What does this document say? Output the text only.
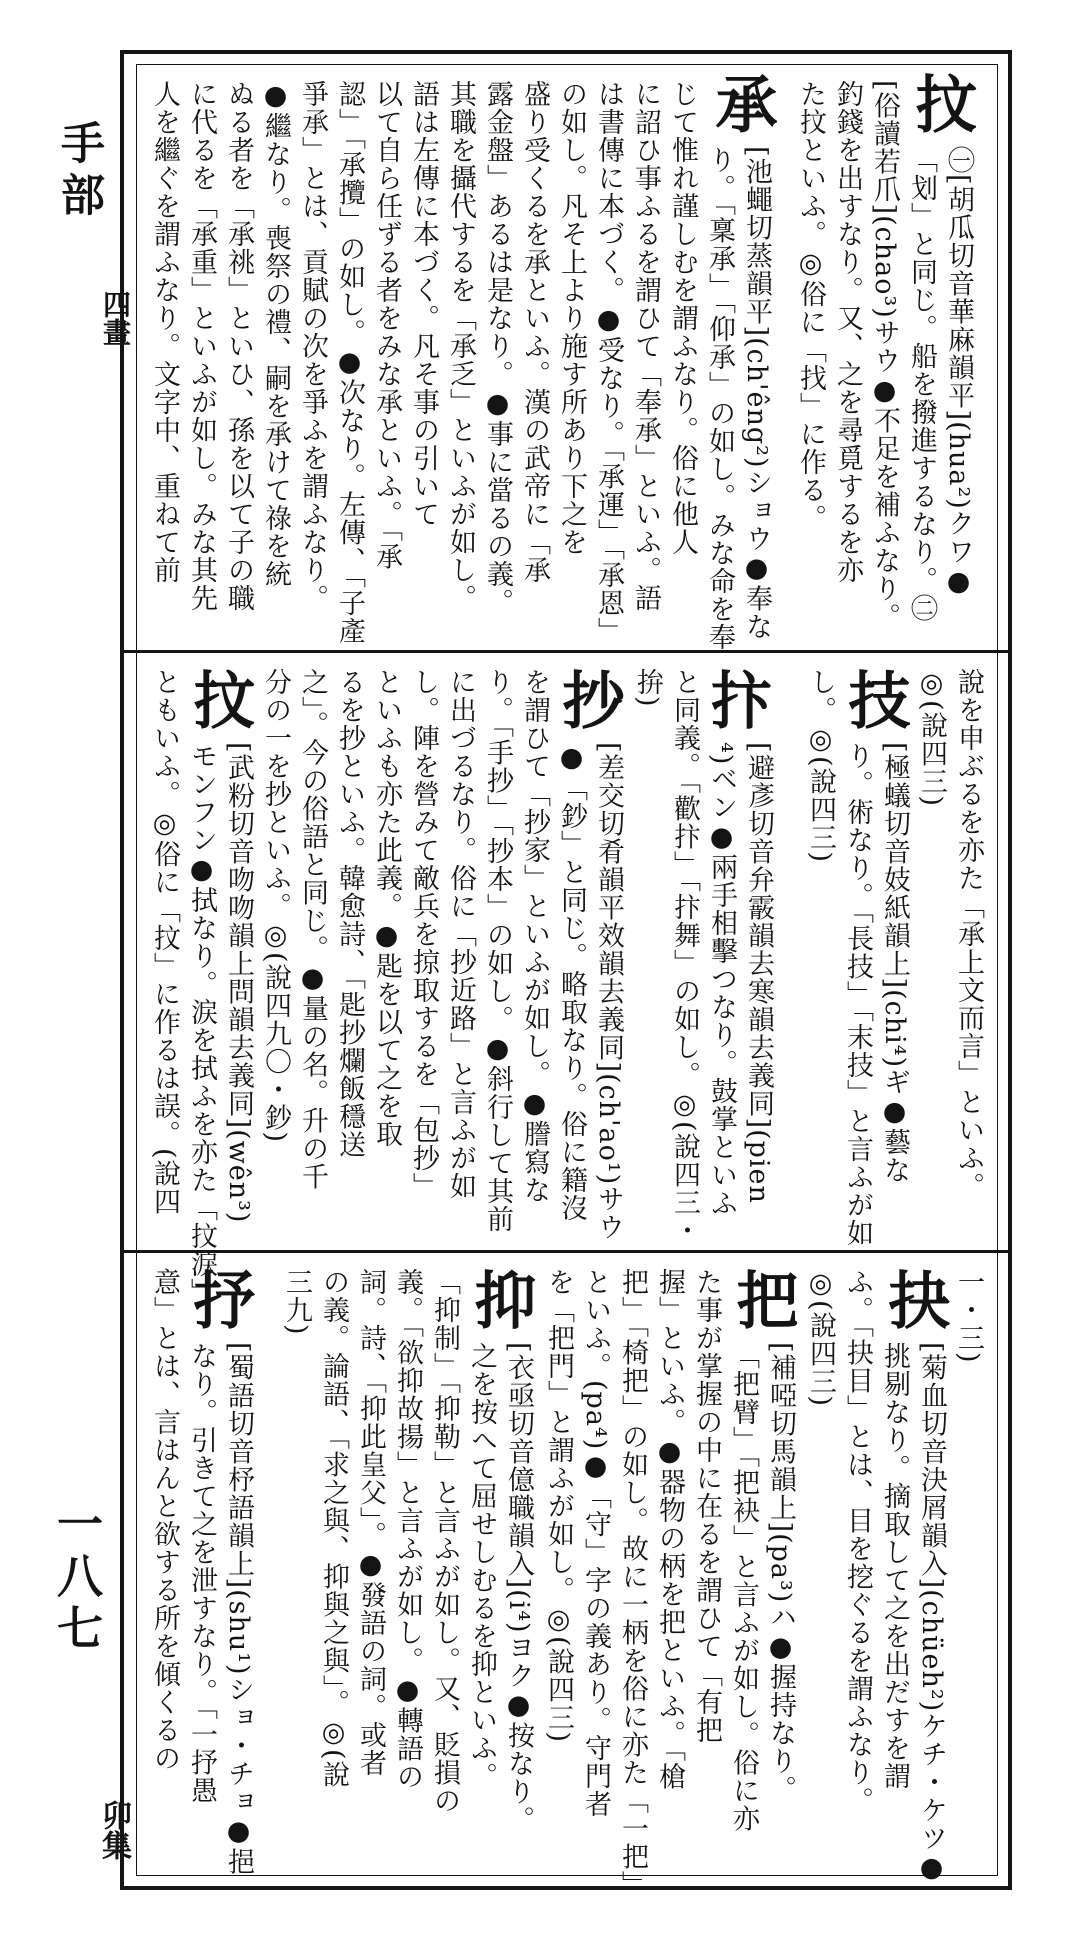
手部
四畫
一八七
卯集
抆
㊀[胡瓜切音華麻韻平](hua²)クワ●
「划」と同じ。船を撥進するなり。㊁
[俗讀若爪](chao³)サウ●不足を補ふなり。
釣錢を出すなり。又、之を尋覓するを亦
た抆といふ。◎俗に「找」に作る。
承
[池蠅切蒸韻平](ch'êng²)ショウ●奉な
り。「稟承」「仰承」の如し。みな命を奉
じて惟れ謹しむを謂ふなり。俗に他人
に詔ひ事ふるを謂ひて「奉承」といふ。語
は書傳に本づく。●受なり。「承運」「承恩」
の如し。凡そ上より施す所あり下之を
盛り受くるを承といふ。漢の武帝に「承
露金盤」あるは是なり。●事に當るの義。
其職を攝代するを「承乏」といふが如し。
語は左傳に本づく。凡そ事の引いて
以て自ら任ずる者をみな承といふ。「承
認」「承攬」の如し。●次なり。左傳、「子產
爭承」とは、貢賦の次を爭ふを謂ふなり。
●繼なり。喪祭の禮、嗣を承けて祿を統
ぬる者を「承祧」といひ、孫を以て子の職
に代るを「承重」といふが如し。みな其先
人を繼ぐを謂ふなり。文字中、重ねて前
說を申ぶるを亦た「承上文而言」といふ。
◎(說四三)
技
[極蟻切音妓紙韻上](chi⁴)ギ●藝な
り。術なり。「長技」「末技」と言ふが如
し。◎(說四三)
抃
[避彥切音弁霰韻去寒韻去義同](pien
⁴)ベン●兩手相擊つなり。鼓掌といふ
と同義。「歡抃」「抃舞」の如し。◎(說四三・
拚)
抄
[差交切肴韻平效韻去義同](ch'ao¹)サウ
●「鈔」と同じ。略取なり。俗に籍沒
を謂ひて「抄家」といふが如し。●謄寫な
り。「手抄」「抄本」の如し。●斜行して其前
に出づるなり。俗に「抄近路」と言ふが如
し。陣を營みて敵兵を掠取するを「包抄」
といふも亦た此義。●匙を以て之を取
るを抄といふ。韓愈詩、「匙抄爛飯穩送
之」。今の俗語と同じ。●量の名。升の千
分の一を抄といふ。◎(說四九〇・鈔)
抆
[武粉切音吻吻韻上問韻去義同](wên³)
モンフン●拭なり。涙を拭ふを亦た「抆淚」
ともいふ。◎俗に「抆」に作るは誤。(說四
一・三)
抉
[菊血切音決屑韻入](chüeh²)ケチ・ケツ●
挑剔なり。摘取して之を出だすを謂
ふ。「抉目」とは、目を挖ぐるを謂ふなり。
◎(說四三)
把
[補啞切馬韻上](pa³)ハ●握持なり。
「把臂」「把袂」と言ふが如し。俗に亦
た事が掌握の中に在るを謂ひて「有把
握」といふ。●器物の柄を把といふ。「槍
把」「椅把」の如し。故に一柄を俗に亦た「一把」
といふ。(pa⁴)●「守」字の義あり。守門者
を「把門」と謂ふが如し。◎(說四三)
抑
[衣亟切音億職韻入](i⁴)ヨク●按なり。
之を按へて屈せしむるを抑といふ。
「抑制」「抑勒」と言ふが如し。又、貶損の
義。「欲抑故揚」と言ふが如し。●轉語の
詞。詩、「抑此皇父」。●發語の詞。或者
の義。論語、「求之與、抑與之與」。◎(說
三九)
抒
[蜀語切音杼語韻上](shu¹)ショ・チョ●挹
なり。引きて之を泄すなり。「一抒愚
意」とは、言はんと欲する所を傾くるの
